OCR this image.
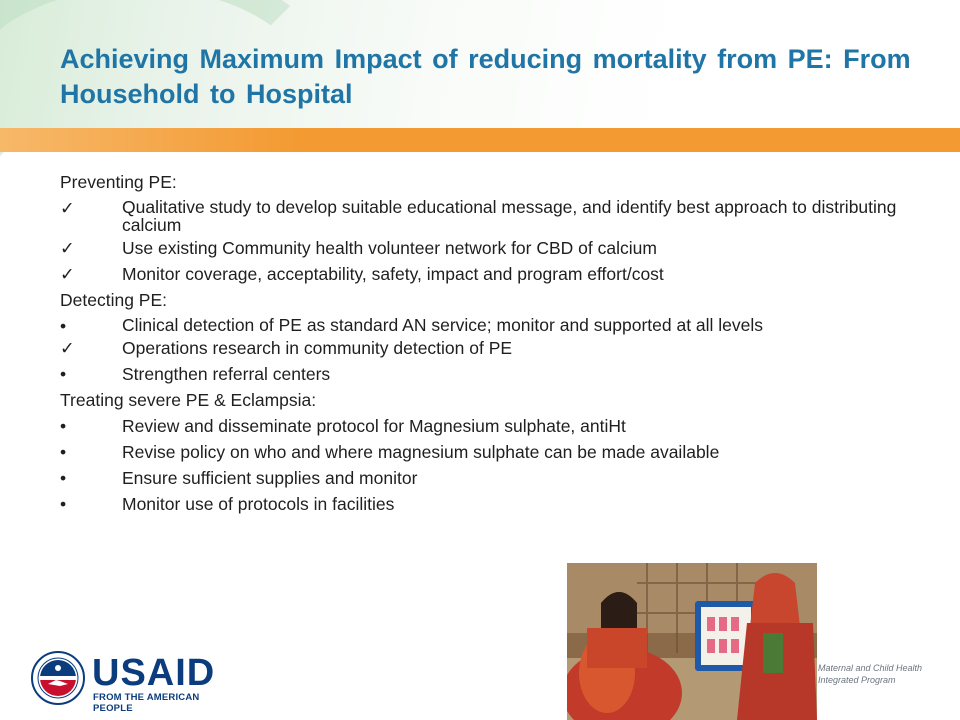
Achieving Maximum Impact of reducing mortality from PE: From Household to Hospital

Preventing PE:

✓	Qualitative study to develop suitable educational message, and identify best approach to distributing calcium
✓	Use existing Community health volunteer network for CBD of calcium
✓	Monitor coverage, acceptability, safety, impact and program effort/cost

Detecting PE:

•	Clinical detection of PE as standard AN service; monitor and supported at all levels
✓	Operations research in community detection of PE
•	Strengthen referral centers

Treating severe PE & Eclampsia:

•	Review and disseminate protocol for Magnesium sulphate, antiHt
•	Revise policy on who and where magnesium sulphate can be made available
•	Ensure sufficient supplies and monitor
•	Monitor use of protocols in facilities
USAID
FROM THE AMERICAN PEOPLE
Maternal and Child Health
Integrated Program
